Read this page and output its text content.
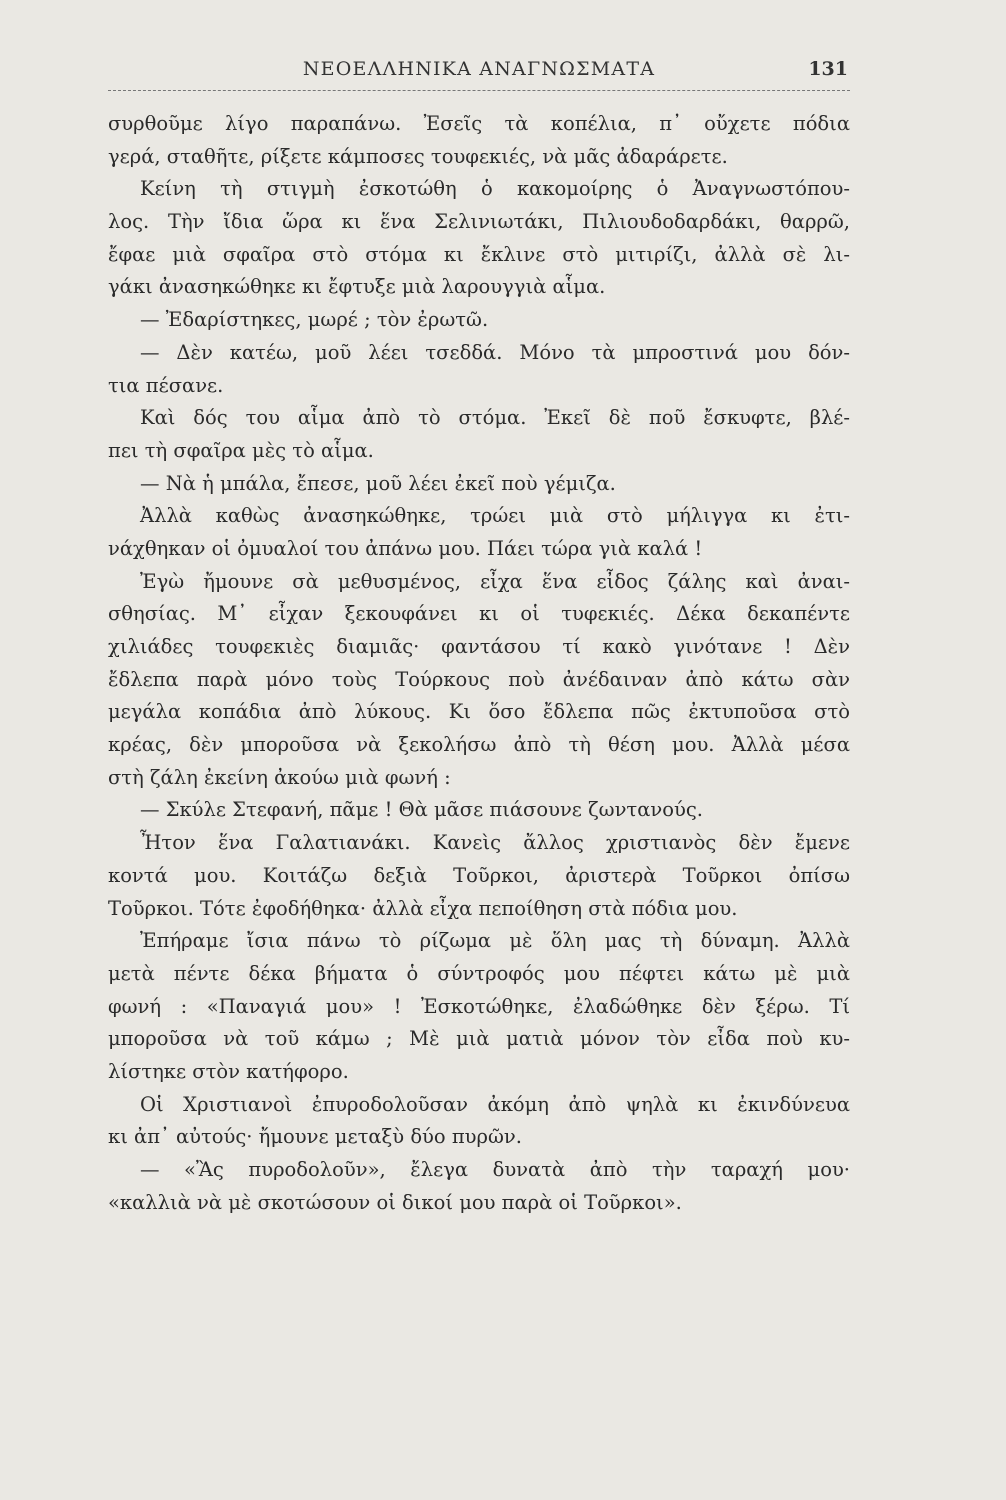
ΝΕΟΕΛΛΗΝΙΚΑ ΑΝΑΓΝΩΣΜΑΤΑ	131
συρθοῦμε λίγο παραπάνω. Ἐσεῖς τὰ κοπέλια, π᾽ οὔχετε πόδια
γερά, σταθῆτε, ρίξετε κάμποσες τουφεκιές, νὰ μᾶς ἀδαράρετε.
Κείνη τὴ στιγμὴ ἐσκοτώθη ὁ κακομοίρης ὁ Ἀναγνωστόπου-
λος. Τὴν ἴδια ὥρα κι ἕνα Σελινιωτάκι, Πιλιουδοδαρδάκι, θαρρῶ,
ἔφαε μιὰ σφαῖρα στὸ στόμα κι ἔκλινε στὸ μιτιρίζι, ἀλλὰ σὲ λι-
γάκι ἀνασηκώθηκε κι ἔφτυξε μιὰ λαρουγγιὰ αἷμα.
— Ἐδαρίστηκες, μωρέ ; τὸν ἐρωτῶ.
— Δὲν κατέω, μοῦ λέει τσεδδά. Μόνο τὰ μπροστινά μου δόν-
τια πέσανε.
Καὶ δός του αἷμα ἀπὸ τὸ στόμα. Ἐκεῖ δὲ ποῦ ἔσκυφτε, βλέ-
πει τὴ σφαῖρα μὲς τὸ αἷμα.
— Νὰ ἡ μπάλα, ἔπεσε, μοῦ λέει ἐκεῖ ποὺ γέμιζα.
Ἀλλὰ καθὼς ἀνασηκώθηκε, τρώει μιὰ στὸ μήλιγγα κι ἐτι-
νάχθηκαν οἱ ὀμυαλοί του ἀπάνω μου. Πάει τώρα γιὰ καλά !
Ἐγὼ ἤμουνε σὰ μεθυσμένος, εἶχα ἕνα εἶδος ζάλης καὶ ἀναι-
σθησίας. Μ᾽ εἶχαν ξεκουφάνει κι οἱ τυφεκιές. Δέκα δεκαπέντε
χιλιάδες τουφεκιὲς διαμιᾶς· φαντάσου τί κακὸ γινότανε ! Δὲν
ἔδλεπα παρὰ μόνο τοὺς Τούρκους ποὺ ἀνέδαιναν ἀπὸ κάτω σὰν
μεγάλα κοπάδια ἀπὸ λύκους. Κι ὅσο ἔδλεπα πῶς ἐκτυποῦσα στὸ
κρέας, δὲν μποροῦσα νὰ ξεκολήσω ἀπὸ τὴ θέση μου. Ἀλλὰ μέσα
στὴ ζάλη ἐκείνη ἀκούω μιὰ φωνή :
— Σκύλε Στεφανή, πᾶμε ! Θὰ μᾶσε πιάσουνε ζωντανούς.
Ἦτον ἕνα Γαλατιανάκι. Κανεὶς ἄλλος χριστιανὸς δὲν ἔμενε
κοντά μου. Κοιτάζω δεξιὰ Τοῦρκοι, ἀριστερὰ Τοῦρκοι ὀπίσω
Τοῦρκοι. Τότε ἐφοδήθηκα· ἀλλὰ εἶχα πεποίθηση στὰ πόδια μου.
Ἐπήραμε ἴσια πάνω τὸ ρίζωμα μὲ ὅλη μας τὴ δύναμη. Ἀλλὰ
μετὰ πέντε δέκα βήματα ὁ σύντροφός μου πέφτει κάτω μὲ μιὰ
φωνή : «Παναγιά μου» ! Ἐσκοτώθηκε, ἐλαδώθηκε δὲν ξέρω. Τί
μποροῦσα νὰ τοῦ κάμω ; Μὲ μιὰ ματιὰ μόνον τὸν εἶδα ποὺ κυ-
λίστηκε στὸν κατήφορο.
Οἱ Χριστιανοὶ ἐπυροδολοῦσαν ἀκόμη ἀπὸ ψηλὰ κι ἐκινδύνευα
κι ἀπ᾽ αὐτούς· ἤμουνε μεταξὺ δύο πυρῶν.
— «Ἂς πυροδολοῦν», ἔλεγα δυνατὰ ἀπὸ τὴν ταραχή μου·
«καλλιὰ νὰ μὲ σκοτώσουν οἱ δικοί μου παρὰ οἱ Τοῦρκοι».
